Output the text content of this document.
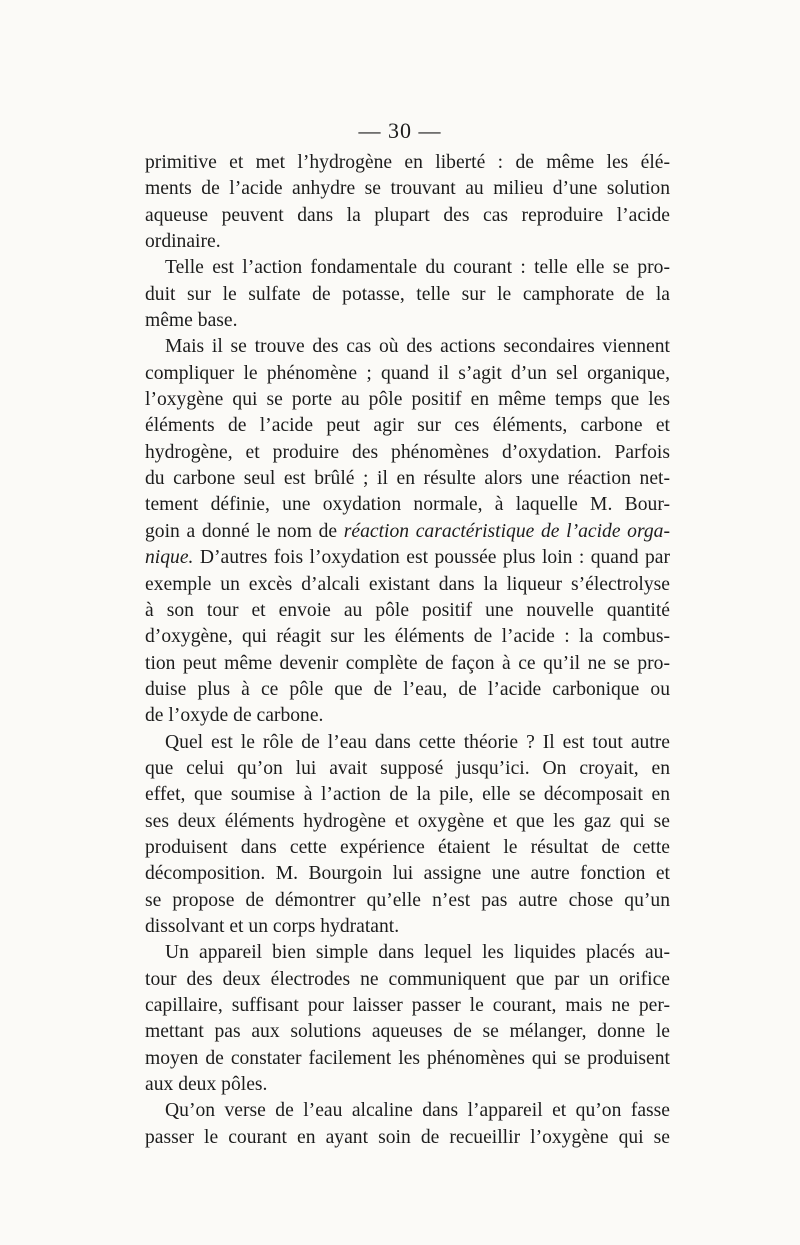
— 30 —
primitive et met l’hydrogène en liberté : de même les élé-
ments de l’acide anhydre se trouvant au milieu d’une solution
aqueuse peuvent dans la plupart des cas reproduire l’acide
ordinaire.
Telle est l’action fondamentale du courant : telle elle se pro-
duit sur le sulfate de potasse, telle sur le camphorate de la
même base.
Mais il se trouve des cas où des actions secondaires viennent
compliquer le phénomène ; quand il s’agit d’un sel organique,
l’oxygène qui se porte au pôle positif en même temps que les
éléments de l’acide peut agir sur ces éléments, carbone et
hydrogène, et produire des phénomènes d’oxydation. Parfois
du carbone seul est brûlé ; il en résulte alors une réaction net-
tement définie, une oxydation normale, à laquelle M. Bour-
goin a donné le nom de réaction caractéristique de l’acide orga-
nique. D’autres fois l’oxydation est poussée plus loin : quand par
exemple un excès d’alcali existant dans la liqueur s’électrolyse
à son tour et envoie au pôle positif une nouvelle quantité
d’oxygène, qui réagit sur les éléments de l’acide : la combus-
tion peut même devenir complète de façon à ce qu’il ne se pro-
duise plus à ce pôle que de l’eau, de l’acide carbonique ou
de l’oxyde de carbone.
Quel est le rôle de l’eau dans cette théorie ? Il est tout autre
que celui qu’on lui avait supposé jusqu’ici. On croyait, en
effet, que soumise à l’action de la pile, elle se décomposait en
ses deux éléments hydrogène et oxygène et que les gaz qui se
produisent dans cette expérience étaient le résultat de cette
décomposition. M. Bourgoin lui assigne une autre fonction et
se propose de démontrer qu’elle n’est pas autre chose qu’un
dissolvant et un corps hydratant.
Un appareil bien simple dans lequel les liquides placés au-
tour des deux électrodes ne communiquent que par un orifice
capillaire, suffisant pour laisser passer le courant, mais ne per-
mettant pas aux solutions aqueuses de se mélanger, donne le
moyen de constater facilement les phénomènes qui se produisent
aux deux pôles.
Qu’on verse de l’eau alcaline dans l’appareil et qu’on fasse
passer le courant en ayant soin de recueillir l’oxygène qui se
